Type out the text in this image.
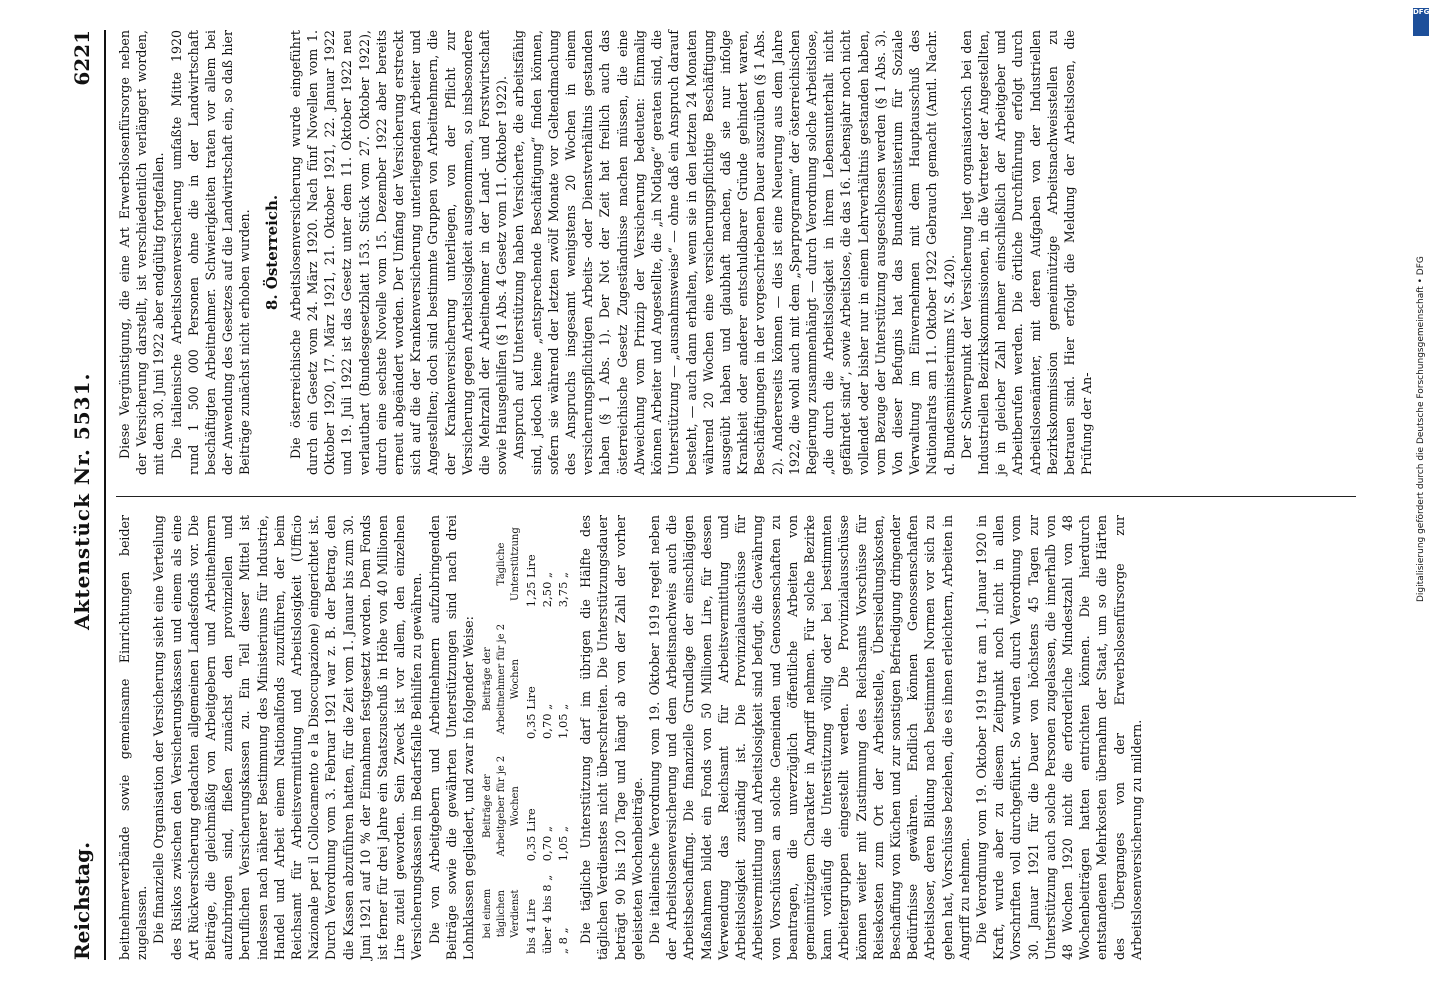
Reichstag.
Aktenstück Nr. 5531.
6221

beitnehmerverbände sowie gemeinsame Einrichtungen beider zugelassen. Die finanzielle Organisation der Versicherung sieht eine Verteilung des Risikos zwischen den Versicherungskassen und einem als eine Art Rückversicherung gedachten allgemeinen Landesfonds vor. Die Beiträge, die gleichmäßig von Arbeitgebern und Arbeitnehmern aufzubringen sind, fließen zunächst den provinziellen und beruflichen Versicherungskassen zu. Ein Teil dieser Mittel ist indessen nach näherer Bestimmung des Ministeriums für Industrie, Handel und Arbeit einem Nationalfonds zuzuführen, der beim Reichsamt für Arbeitsvermittlung und Arbeitslosigkeit (Ufficio Nazionale per il Collocamento e la Disoccupazione) eingerichtet ist. Durch Verordnung vom 3. Februar 1921 war z. B. der Betrag, den die Kassen abzuführen hatten, für die Zeit vom 1. Januar bis zum 30. Juni 1921 auf 10 % der Einnahmen festgesetzt worden. Dem Fonds ist ferner für drei Jahre ein Staatszuschuß in Höhe von 40 Millionen Lire zuteil geworden. Sein Zweck ist vor allem, den einzelnen Versicherungskassen im Bedarfsfalle Beihilfen zu gewähren. Die von Arbeitgebern und Arbeitnehmern aufzubringenden Beiträge sowie die gewährten Unterstützungen sind nach drei Lohnklassen gegliedert, und zwar in folgender Weise: bei einem täglichen Verdienst	Beiträge der Arbeitgeber für je 2 Wochen	Beiträge der Arbeitnehmer für je 2 Wochen	Tägliche Unterstützung
bis 4 Lire	0,35 Lire	0,35 Lire	1,25 Lire
über 4 bis 8 „	0,70 „	0,70 „	2,50 „
„ 8 „	1,05 „	1,05 „	3,75 „ Die tägliche Unterstützung darf im übrigen die Hälfte des täglichen Verdienstes nicht überschreiten. Die Unterstützungsdauer beträgt 90 bis 120 Tage und hängt ab von der Zahl der vorher geleisteten Wochenbeiträge. Die italienische Verordnung vom 19. Oktober 1919 regelt neben der Arbeitslosenversicherung und dem Arbeitsnachweis auch die Arbeitsbeschaffung. Die finanzielle Grundlage der einschlägigen Maßnahmen bildet ein Fonds von 50 Millionen Lire, für dessen Verwendung das Reichsamt für Arbeitsvermittlung und Arbeitslosigkeit zuständig ist. Die Provinzialausschüsse für Arbeitsvermittlung und Arbeitslosigkeit sind befugt, die Gewährung von Vorschüssen an solche Gemeinden und Genossenschaften zu beantragen, die unverzüglich öffentliche Arbeiten von gemeinnützigem Charakter in Angriff nehmen. Für solche Bezirke kann vorläufig die Unterstützung völlig oder bei bestimmten Arbeitergruppen eingestellt werden. Die Provinzialausschüsse können weiter mit Zustimmung des Reichsamts Vorschüsse für Reisekosten zum Ort der Arbeitsstelle, Übersiedlungskosten, Beschaffung von Küchen und zur sonstigen Befriedigung dringender Bedürfnisse gewähren. Endlich können Genossenschaften Arbeitsloser, deren Bildung nach bestimmten Normen vor sich zu gehen hat, Vorschüsse beziehen, die es ihnen erleichtern, Arbeiten in Angriff zu nehmen. Die Verordnung vom 19. Oktober 1919 trat am 1. Januar 1920 in Kraft, wurde aber zu diesem Zeitpunkt noch nicht in allen Vorschriften voll durchgeführt. So wurden durch Verordnung vom 30. Januar 1921 für die Dauer von höchstens 45 Tagen zur Unterstützung auch solche Personen zugelassen, die innerhalb von 48 Wochen 1920 nicht die erforderliche Mindestzahl von 48 Wochenbeiträgen hatten entrichten können. Die hierdurch entstandenen Mehrkosten übernahm der Staat, um so die Härten des Überganges von der Erwerbslosenfürsorge zur Arbeitslosenversicherung zu mildern.

Diese Vergünstigung, die eine Art Erwerbslosenfürsorge neben der Versicherung darstellt, ist verschiedentlich verlängert worden, mit dem 30. Juni 1922 aber endgültig fortgefallen. Die italienische Arbeitslosenversicherung umfaßte Mitte 1920 rund 1 500 000 Personen ohne die in der Landwirtschaft beschäftigten Arbeitnehmer. Schwierigkeiten traten vor allem bei der Anwendung des Gesetzes auf die Landwirtschaft ein, so daß hier Beiträge zunächst nicht erhoben wurden. 8. Österreich. Die österreichische Arbeitslosenversicherung wurde eingeführt durch ein Gesetz vom 24. März 1920. Nach fünf Novellen vom 1. Oktober 1920, 17. März 1921, 21. Oktober 1921, 22. Januar 1922 und 19. Juli 1922 ist das Gesetz unter dem 11. Oktober 1922 neu verlautbart (Bundesgesetzblatt 153. Stück vom 27. Oktober 1922), durch eine sechste Novelle vom 15. Dezember 1922 aber bereits erneut abgeändert worden. Der Umfang der Versicherung erstreckt sich auf die der Krankenversicherung unterliegenden Arbeiter und Angestellten; doch sind bestimmte Gruppen von Arbeitnehmern, die der Krankenversicherung unterliegen, von der Pflicht zur Versicherung gegen Arbeitslosigkeit ausgenommen, so insbesondere die Mehrzahl der Arbeitnehmer in der Land- und Forstwirtschaft sowie Hausgehilfen (§ 1 Abs. 4 Gesetz vom 11. Oktober 1922). Anspruch auf Unterstützung haben Versicherte, die arbeitsfähig sind, jedoch keine „entsprechende Beschäftigung“ finden können, sofern sie während der letzten zwölf Monate vor Geltendmachung des Anspruchs insgesamt wenigstens 20 Wochen in einem versicherungspflichtigen Arbeits- oder Dienstverhältnis gestanden haben (§ 1 Abs. 1). Der Not der Zeit hat freilich auch das österreichische Gesetz Zugeständnisse machen müssen, die eine Abweichung vom Prinzip der Versicherung bedeuten: Einmalig können Arbeiter und Angestellte, die „in Notlage“ geraten sind, die Unterstützung — „ausnahmsweise“ — ohne daß ein Anspruch darauf besteht, — auch dann erhalten, wenn sie in den letzten 24 Monaten während 20 Wochen eine versicherungspflichtige Beschäftigung ausgeübt haben und glaubhaft machen, daß sie nur infolge Krankheit oder anderer entschuldbarer Gründe gehindert waren, Beschäftigungen in der vorgeschriebenen Dauer auszuüben (§ 1 Abs. 2). Andererseits können — dies ist eine Neuerung aus dem Jahre 1922, die wohl auch mit dem „Sparprogramm“ der österreichischen Regierung zusammenhängt — durch Verordnung solche Arbeitslose, „die durch die Arbeitslosigkeit in ihrem Lebensunterhalt nicht gefährdet sind“, sowie Arbeitslose, die das 16. Lebensjahr noch nicht vollendet oder bisher nur in einem Lehrverhältnis gestanden haben, vom Bezuge der Unterstützung ausgeschlossen werden (§ 1 Abs. 3). Von dieser Befugnis hat das Bundesministerium für Soziale Verwaltung im Einvernehmen mit dem Hauptausschuß des Nationalrats am 11. Oktober 1922 Gebrauch gemacht (Amtl. Nachr. d. Bundesministeriums IV. S. 420). Der Schwerpunkt der Versicherung liegt organisatorisch bei den Industriellen Bezirkskommissionen, in die Vertreter der Angestellten, je in gleicher Zahl nehmer einschließlich der Arbeitgeber und Arbeitberufen werden. Die örtliche Durchführung erfolgt durch Arbeitslosenämter, mit deren Aufgaben von der Industriellen Bezirkskommission gemeinnützige Arbeitsnachweisstellen zu betrauen sind. Hier erfolgt die Meldung der Arbeitslosen, die Prüfung der An-

DFG
Digitalisierung gefördert durch die Deutsche Forschungsgemeinschaft • DFG
